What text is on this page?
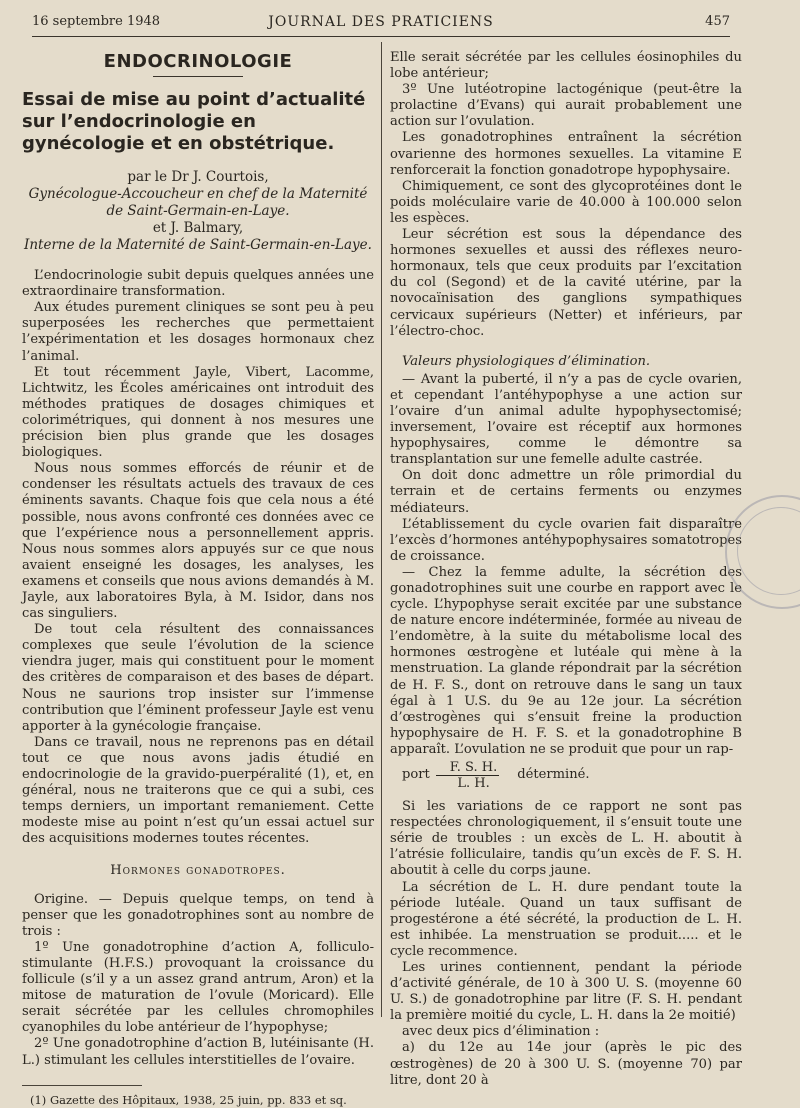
16 septembre 1948	JOURNAL DES PRATICIENS	457
ENDOCRINOLOGIE
Essai de mise au point d’actualité sur l’endocrinologie en gynécologie et en obstétrique.
par le Dr J. Courtois,
Gynécologue-Accoucheur en chef de la Maternité de Saint-Germain-en-Laye.
et J. Balmary,
Interne de la Maternité de Saint-Germain-en-Laye.

L’endocrinologie subit depuis quelques années une extraordinaire transformation.

Aux études purement cliniques se sont peu à peu superposées les recherches que permettaient l’expérimentation et les dosages hormonaux chez l’animal.

Et tout récemment Jayle, Vibert, Lacomme, Lichtwitz, les Écoles américaines ont introduit des méthodes pratiques de dosages chimiques et colorimétriques, qui donnent à nos mesures une précision bien plus grande que les dosages biologiques.

Nous nous sommes efforcés de réunir et de condenser les résultats actuels des travaux de ces éminents savants. Chaque fois que cela nous a été possible, nous avons confronté ces données avec ce que l’expérience nous a personnellement appris. Nous nous sommes alors appuyés sur ce que nous avaient enseigné les dosages, les analyses, les examens et conseils que nous avions demandés à M. Jayle, aux laboratoires Byla, à M. Isidor, dans nos cas singuliers.

De tout cela résultent des connaissances complexes que seule l’évolution de la science viendra juger, mais qui constituent pour le moment des critères de comparaison et des bases de départ. Nous ne saurions trop insister sur l’immense contribution que l’éminent professeur Jayle est venu apporter à la gynécologie française.

Dans ce travail, nous ne reprenons pas en détail tout ce que nous avons jadis étudié en endocrinologie de la gravido-puerpéralité (1), et, en général, nous ne traiterons que ce qui a subi, ces temps derniers, un important remaniement. Cette modeste mise au point n’est qu’un essai actuel sur des acquisitions modernes toutes récentes.

Hormones gonadotropes.

Origine. — Depuis quelque temps, on tend à penser que les gonadotrophines sont au nombre de trois :

1º Une gonadotrophine d’action A, folliculo-stimulante (H.F.S.) provoquant la croissance du follicule (s’il y a un assez grand antrum, Aron) et la mitose de maturation de l’ovule (Moricard). Elle serait sécrétée par les cellules chromophiles cyanophiles du lobe antérieur de l’hypophyse;

2º Une gonadotrophine d’action B, lutéinisante (H. L.) stimulant les cellules interstitielles de l’ovaire.

(1) Gazette des Hôpitaux, 1938, 25 juin, pp. 833 et sq.

Elle serait sécrétée par les cellules éosinophiles du lobe antérieur;

3º Une lutéotropine lactogénique (peut-être la prolactine d’Evans) qui aurait probablement une action sur l’ovulation.

Les gonadotrophines entraînent la sécrétion ovarienne des hormones sexuelles. La vitamine E renforcerait la fonction gonadotrope hypophysaire.

Chimiquement, ce sont des glycoprotéines dont le poids moléculaire varie de 40.000 à 100.000 selon les espèces.

Leur sécrétion est sous la dépendance des hormones sexuelles et aussi des réflexes neuro-hormonaux, tels que ceux produits par l’excitation du col (Segond) et de la cavité utérine, par la novocaïnisation des ganglions sympathiques cervicaux supérieurs (Netter) et inférieurs, par l’électro-choc.

Valeurs physiologiques d’élimination.

— Avant la puberté, il n’y a pas de cycle ovarien, et cependant l’antéhypophyse a une action sur l’ovaire d’un animal adulte hypophysectomisé; inversement, l’ovaire est réceptif aux hormones hypophysaires, comme le démontre sa transplantation sur une femelle adulte castrée.

On doit donc admettre un rôle primordial du terrain et de certains ferments ou enzymes médiateurs.

L’établissement du cycle ovarien fait disparaître l’excès d’hormones antéhypophysaires somatotropes de croissance.

— Chez la femme adulte, la sécrétion des gonadotrophines suit une courbe en rapport avec le cycle. L’hypophyse serait excitée par une substance de nature encore indéterminée, formée au niveau de l’endomètre, à la suite du métabolisme local des hormones œstrogène et lutéale qui mène à la menstruation. La glande répondrait par la sécrétion de H. F. S., dont on retrouve dans le sang un taux égal à 1 U.S. du 9e au 12e jour. La sécrétion d’œstrogènes qui s’ensuit freine la production hypophysaire de H. F. S. et la gonadotrophine B apparaît. L’ovulation ne se produit que pour un rap-

port $\frac{F. S. H.}{L. H.}$	déterminé.

Si les variations de ce rapport ne sont pas respectées chronologiquement, il s’ensuit toute une série de troubles : un excès de L. H. aboutit à l’atrésie folliculaire, tandis qu’un excès de F. S. H. aboutit à celle du corps jaune.

La sécrétion de L. H. dure pendant toute la période lutéale. Quand un taux suffisant de progestérone a été sécrété, la production de L. H. est inhibée. La menstruation se produit..... et le cycle recommence.

Les urines contiennent, pendant la période d’activité générale, de 10 à 300 U. S. (moyenne 60 U. S.) de gonadotrophine par litre (F. S. H. pendant la première moitié du cycle, L. H. dans la 2e moitié)

avec deux pics d’élimination :

a) du 12e au 14e jour (après le pic des œstrogènes) de 20 à 300 U. S. (moyenne 70) par litre, dont 20 à
